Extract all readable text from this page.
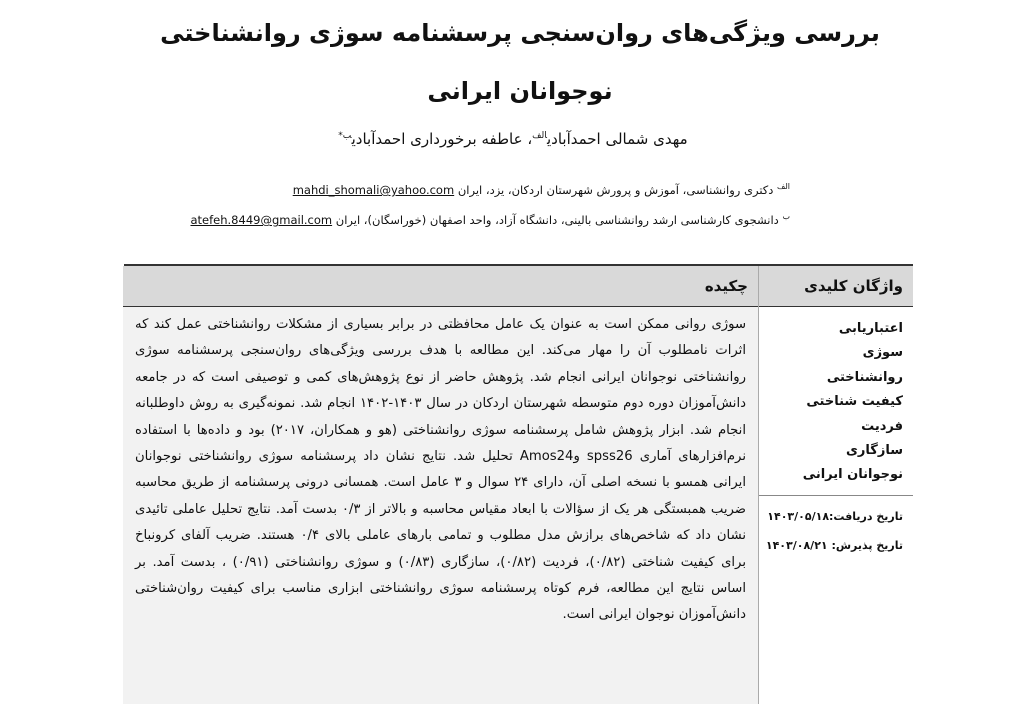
بررسی ویژگی‌های روان‌سنجی پرسشنامه سوژی روانشناختی نوجوانان ایرانی
مهدی شمالی احمدآبادی$^{الف}$، عاطفه برخورداری احمدآبادی$^{ب*}$
$^{الف}$ دکتری روانشناسی، آموزش و پرورش شهرستان اردکان، یزد، ایران mahdi_shomali@yahoo.com
$^ب$ دانشجوی کارشناسی ارشد روانشناسی بالینی، دانشگاه آزاد، واحد اصفهان (خوراسگان)، ایران atefeh.8449@gmail.com
واژگان کلیدی
اعتباریابی
سوژی
روانشناختی
کیفیت شناختی
فردیت
سازگاری
نوجوانان ایرانی
تاریخ دریافت:۱۴۰۳/۰۵/۱۸
تاریخ پذیرش: ۱۴۰۳/۰۸/۲۱
چکیده

سوژی روانی ممکن است به عنوان یک عامل محافظتی در برابر بسیاری از مشکلات روانشناختی عمل کند که اثرات نامطلوب آن را مهار می‌کند. این مطالعه با هدف بررسی ویژگی‌های روان‌سنجی پرسشنامه سوژی روانشناختی نوجوانان ایرانی انجام شد. پژوهش حاضر از نوع پژوهش‌های کمی و توصیفی است که در جامعه دانش‌آموزان دوره دوم متوسطه شهرستان اردکان در سال ۱۴۰۳-۱۴۰۲ انجام شد. نمونه‌گیری به روش داوطلبانه انجام شد. ابزار پژوهش شامل پرسشنامه سوژی روانشناختی (هو و همکاران، ۲۰۱۷) بود و داده‌ها با استفاده نرم‌افزارهای آماری spss26 وAmos24 تحلیل شد. نتایج نشان داد پرسشنامه سوژی روانشناختی نوجوانان ایرانی همسو با نسخه اصلی آن، دارای ۲۴ سوال و ۳ عامل است. همسانی درونی پرسشنامه از طریق محاسبه ضریب همبستگی هر یک از سؤالات با ابعاد مقیاس محاسبه و بالاتر از ۰/۳ بدست آمد. نتایج تحلیل عاملی تائیدی نشان داد که شاخص‌های برازش مدل مطلوب و تمامی بارهای عاملی بالای ۰/۴ هستند. ضریب آلفای کرونباخ برای کیفیت شناختی (۰/۸۲)، فردیت (۰/۸۲)، سازگاری (۰/۸۳) و سوژی روانشناختی (۰/۹۱) ، بدست آمد. بر اساس نتایج این مطالعه، فرم کوتاه پرسشنامه سوژی روانشناختی ابزاری مناسب برای کیفیت روان‌شناختی دانش‌آموزان نوجوان ایرانی است.
